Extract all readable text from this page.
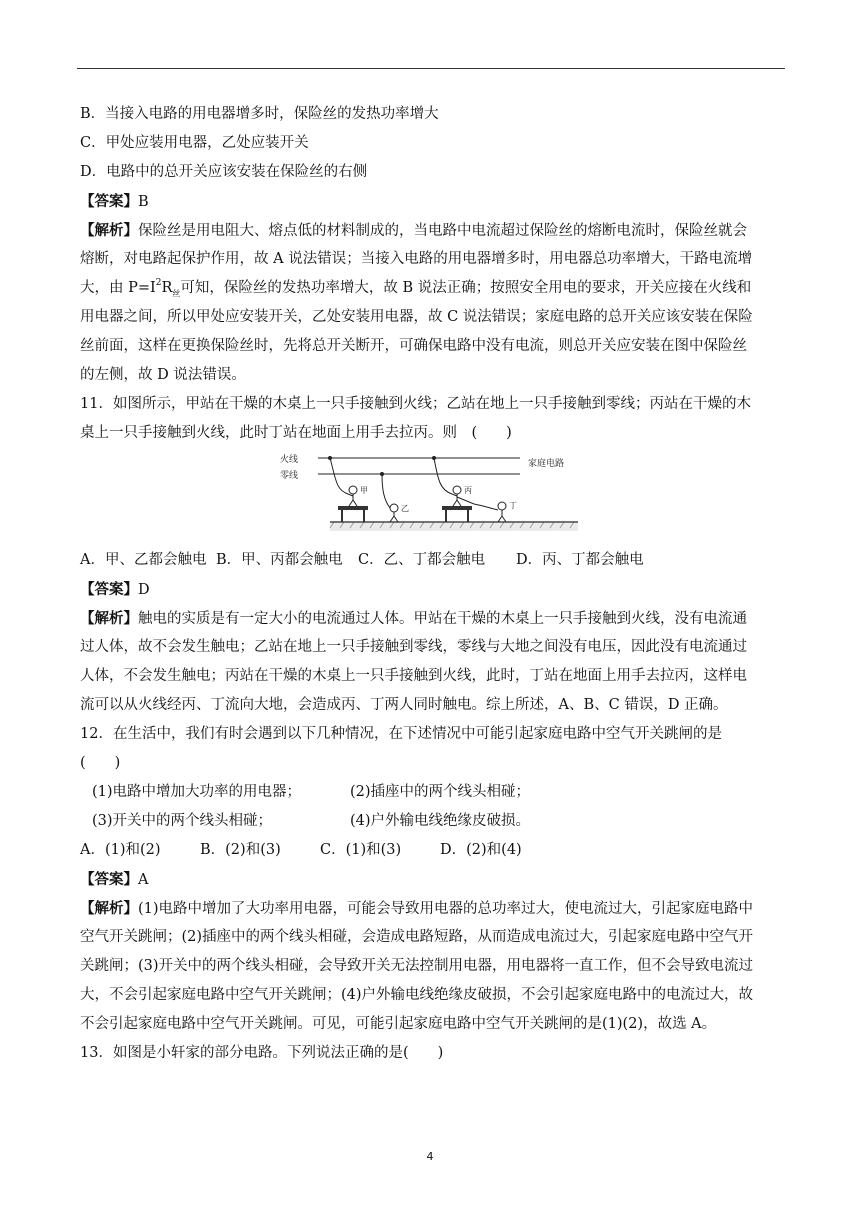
B．当接入电路的用电器增多时，保险丝的发热功率增大
C．甲处应装用电器，乙处应装开关
D．电路中的总开关应该安装在保险丝的右侧
【答案】B
【解析】保险丝是用电阻大、熔点低的材料制成的，当电路中电流超过保险丝的熔断电流时，保险丝就会
熔断，对电路起保护作用，故 A 说法错误；当接入电路的用电器增多时，用电器总功率增大，干路电流增
大，由 $P=I^2R_丝$可知，保险丝的发热功率增大，故 B 说法正确；按照安全用电的要求，开关应接在火线和
用电器之间，所以甲处应安装开关，乙处安装用电器，故 C 说法错误；家庭电路的总开关应该安装在保险
丝前面，这样在更换保险丝时，先将总开关断开，可确保电路中没有电流，则总开关应安装在图中保险丝
的左侧，故 D 说法错误。
11．如图所示，甲站在干燥的木桌上一只手接触到火线；乙站在地上一只手接触到零线；丙站在干燥的木
桌上一只手接触到火线，此时丁站在地面上用手去拉丙。则　(　　)
火线
零线
家庭电路
甲
乙
丙
丁
A．甲、乙都会触电 B．甲、丙都会触电 C．乙、丁都会触电 D．丙、丁都会触电
【答案】D
【解析】触电的实质是有一定大小的电流通过人体。甲站在干燥的木桌上一只手接触到火线，没有电流通
过人体，故不会发生触电；乙站在地上一只手接触到零线，零线与大地之间没有电压，因此没有电流通过
人体，不会发生触电；丙站在干燥的木桌上一只手接触到火线，此时，丁站在地面上用手去拉丙，这样电
流可以从火线经丙、丁流向大地，会造成丙、丁两人同时触电。综上所述，A、B、C 错误，D 正确。
12．在生活中，我们有时会遇到以下几种情况，在下述情况中可能引起家庭电路中空气开关跳闸的是
(　　)
(1)电路中增加大功率的用电器；	(2)插座中的两个线头相碰；
(3)开关中的两个线头相碰；	(4)户外输电线绝缘皮破损。
A．(1)和(2)	B．(2)和(3)	C．(1)和(3)	D．(2)和(4)
【答案】A
【解析】(1)电路中增加了大功率用电器，可能会导致用电器的总功率过大，使电流过大，引起家庭电路中
空气开关跳闸；(2)插座中的两个线头相碰，会造成电路短路，从而造成电流过大，引起家庭电路中空气开
关跳闸；(3)开关中的两个线头相碰，会导致开关无法控制用电器，用电器将一直工作，但不会导致电流过
大，不会引起家庭电路中空气开关跳闸；(4)户外输电线绝缘皮破损，不会引起家庭电路中的电流过大，故
不会引起家庭电路中空气开关跳闸。可见，可能引起家庭电路中空气开关跳闸的是(1)(2)，故选 A。
13．如图是小轩家的部分电路。下列说法正确的是(　　)
4
